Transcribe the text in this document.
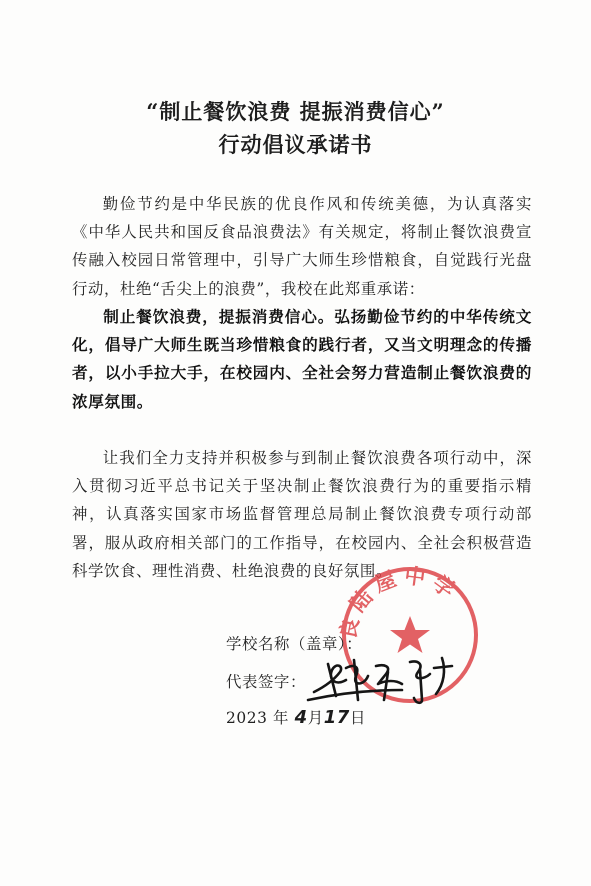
“制止餐饮浪费 提振消费信心”
行动倡议承诺书

勤俭节约是中华民族的优良作风和传统美德，为认真落实《中华人民共和国反食品浪费法》有关规定，将制止餐饮浪费宣传融入校园日常管理中，引导广大师生珍惜粮食，自觉践行光盘行动，杜绝“舌尖上的浪费”，我校在此郑重承诺：

制止餐饮浪费，提振消费信心。弘扬勤俭节约的中华传统文化，倡导广大师生既当珍惜粮食的践行者，又当文明理念的传播者，以小手拉大手，在校园内、全社会努力营造制止餐饮浪费的浓厚氛围。

让我们全力支持并积极参与到制止餐饮浪费各项行动中，深入贯彻习近平总书记关于坚决制止餐饮浪费行为的重要指示精神，认真落实国家市场监督管理总局制止餐饮浪费专项行动部署，服从政府相关部门的工作指导，在校园内、全社会积极营造科学饮食、理性消费、杜绝浪费的良好氛围。

良陆屋中学
学校名称（盖章）：
代表签字：
2023 年 4月17日
